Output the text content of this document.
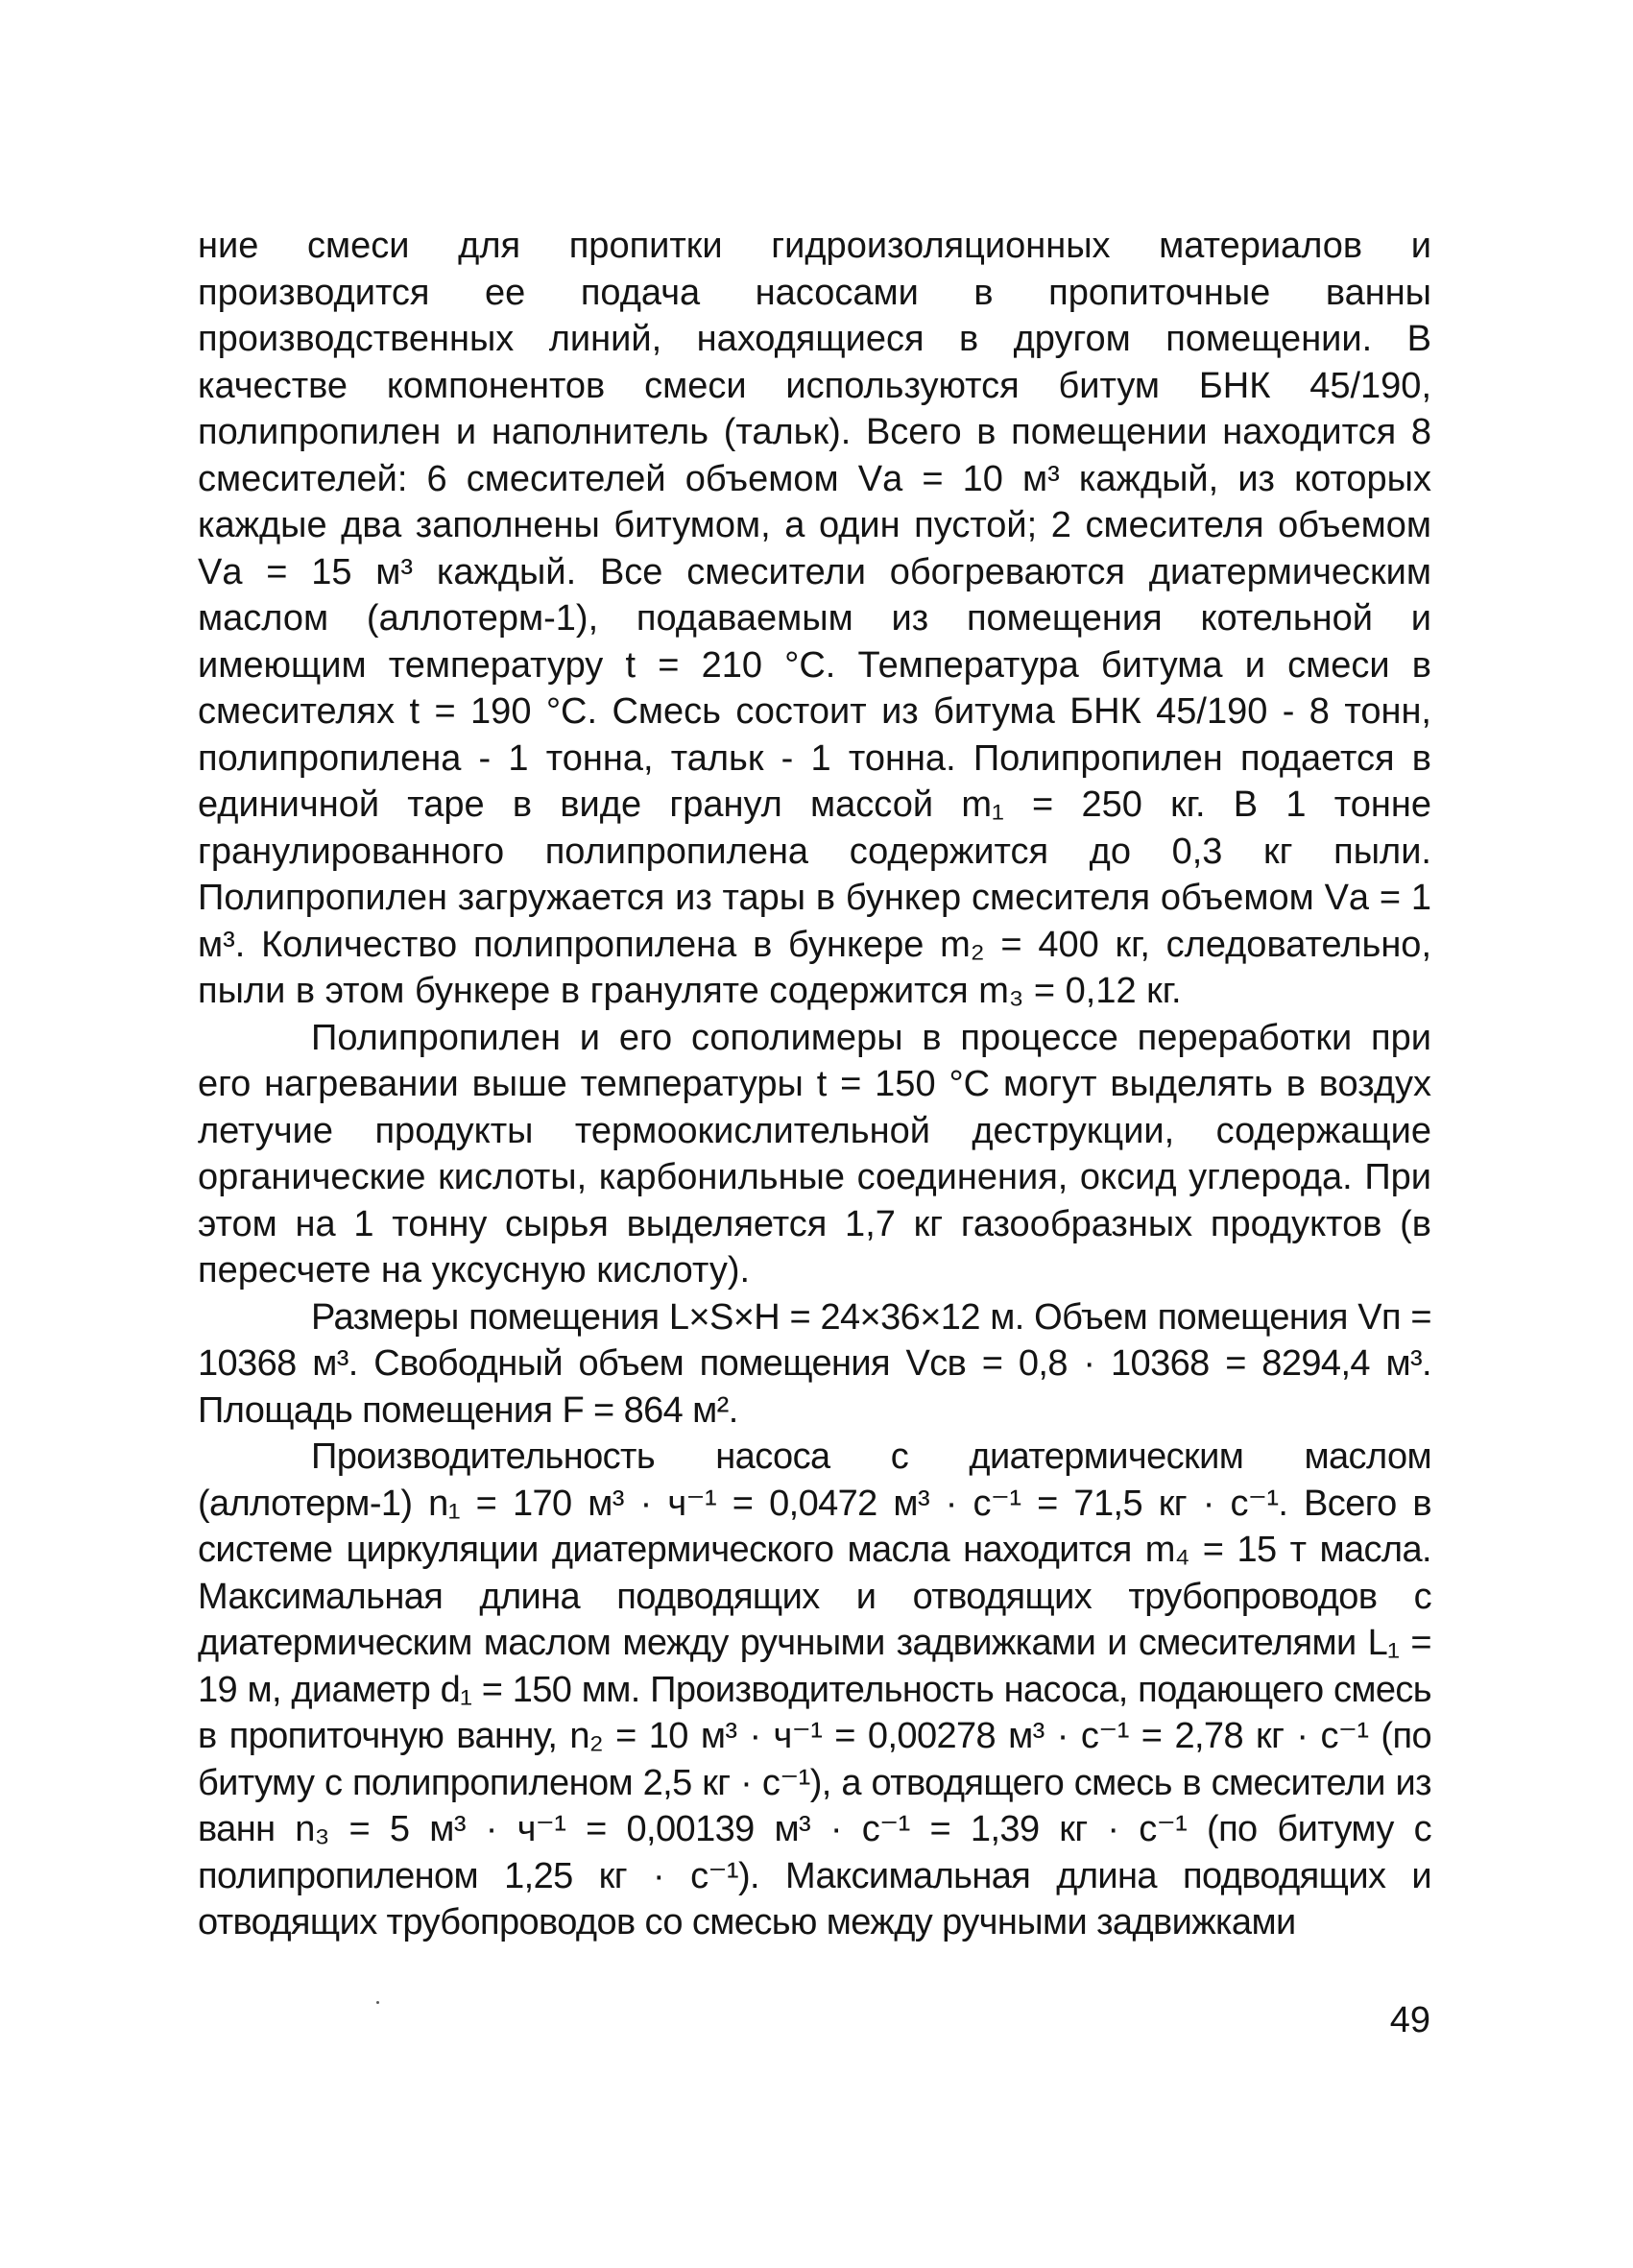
ние смеси для пропитки гидроизоляционных материалов и производится ее подача насосами в пропиточные ванны производственных линий, находящиеся в другом помещении. В качестве компонентов смеси используются битум БНК 45/190, полипропилен и наполнитель (тальк). Всего в помещении находится 8 смесителей: 6 смесителей объемом Vа = 10 м³ каждый, из которых каждые два заполнены битумом, а один пустой; 2 смесителя объемом Vа = 15 м³ каждый. Все смесители обогреваются диатермическим маслом (аллотерм-1), подаваемым из помещения котельной и имеющим температуру t = 210 °С. Температура битума и смеси в смесителях t = 190 °С. Смесь состоит из битума БНК 45/190 - 8 тонн, полипропилена - 1 тонна, тальк - 1 тонна. Полипропилен подается в единичной таре в виде гранул массой m₁ = 250 кг. В 1 тонне гранулированного полипропилена содержится до 0,3 кг пыли. Полипропилен загружается из тары в бункер смесителя объемом Vа = 1 м³. Количество полипропилена в бункере m₂ = 400 кг, следовательно, пыли в этом бункере в грануляте содержится m₃ = 0,12 кг.

Полипропилен и его сополимеры в процессе переработки при его нагревании выше температуры t = 150 °С могут выделять в воздух летучие продукты термоокислительной деструкции, содержащие органические кислоты, карбонильные соединения, оксид углерода. При этом на 1 тонну сырья выделяется 1,7 кг газообразных продуктов (в пересчете на уксусную кислоту).

Размеры помещения L×S×H = 24×36×12 м. Объем помещения Vп = 10368 м³. Свободный объем помещения Vсв = 0,8 · 10368 = 8294,4 м³. Площадь помещения F = 864 м².

Производительность насоса с диатермическим маслом (аллотерм-1) n₁ = 170 м³ · ч⁻¹ = 0,0472 м³ · с⁻¹ = 71,5 кг · с⁻¹. Всего в системе циркуляции диатермического масла находится m₄ = 15 т масла. Максимальная длина подводящих и отводящих трубопроводов с диатермическим маслом между ручными задвижками и смесителями L₁ = 19 м, диаметр d₁ = 150 мм. Производительность насоса, подающего смесь в пропиточную ванну, n₂ = 10 м³ · ч⁻¹ = 0,00278 м³ · с⁻¹ = 2,78 кг · с⁻¹ (по битуму с полипропиленом 2,5 кг · с⁻¹), а отводящего смесь в смесители из ванн n₃ = 5 м³ · ч⁻¹ = 0,00139 м³ · с⁻¹ = 1,39 кг · с⁻¹ (по битуму с полипропиленом 1,25 кг · с⁻¹). Максимальная длина подводящих и отводящих трубопроводов со смесью между ручными задвижками

49
